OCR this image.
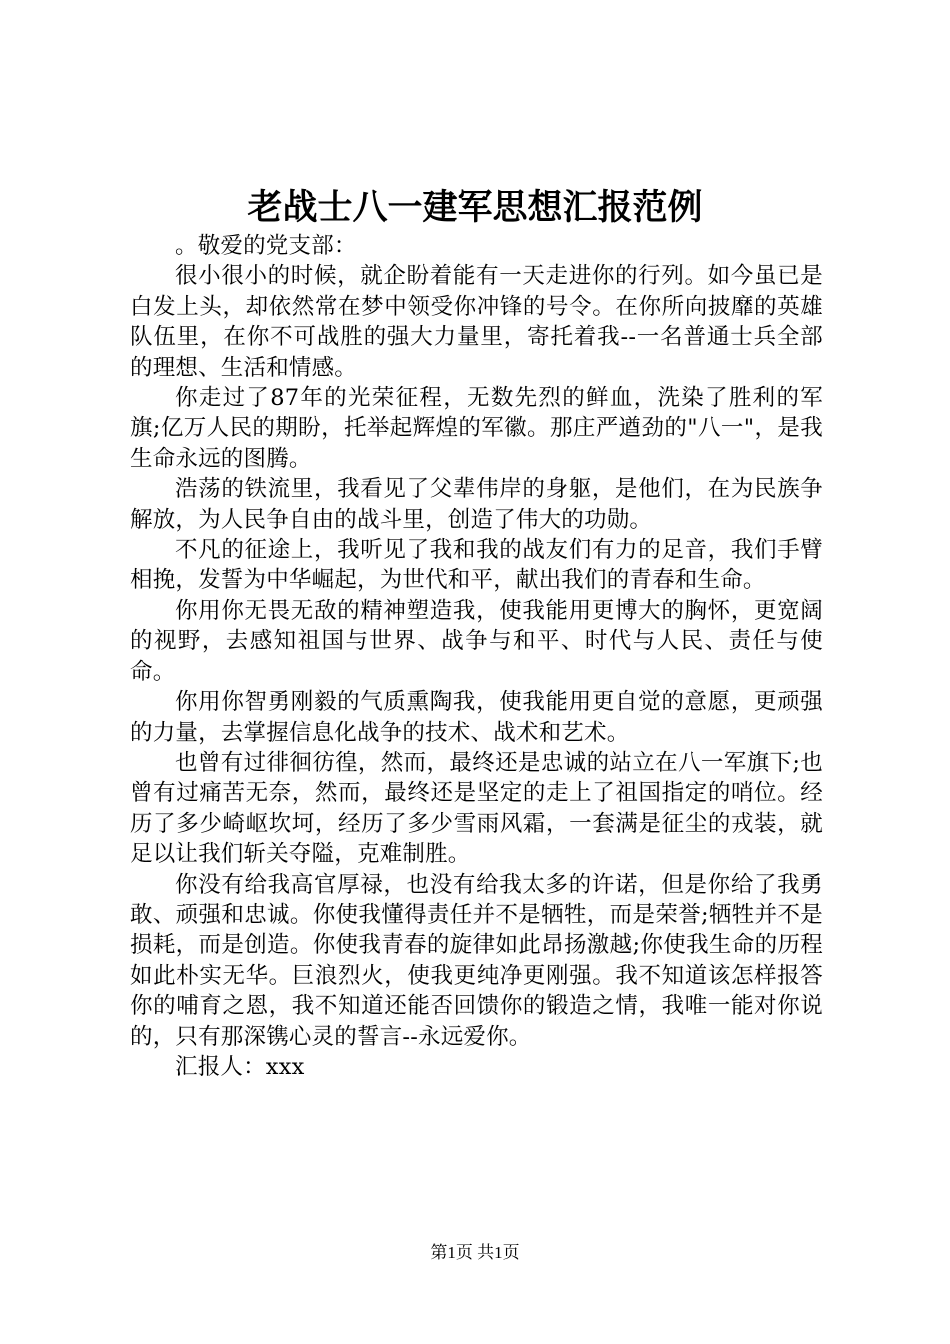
老战士八一建军思想汇报范例

。敬爱的党支部：

很小很小的时候，就企盼着能有一天走进你的行列。如今虽已是白发上头，却依然常在梦中领受你冲锋的号令。在你所向披靡的英雄队伍里，在你不可战胜的强大力量里，寄托着我--一名普通士兵全部的理想、生活和情感。

你走过了87年的光荣征程，无数先烈的鲜血，洗染了胜利的军旗;亿万人民的期盼，托举起辉煌的军徽。那庄严遒劲的"八一"，是我生命永远的图腾。

浩荡的铁流里，我看见了父辈伟岸的身躯，是他们，在为民族争解放，为人民争自由的战斗里，创造了伟大的功勋。

不凡的征途上，我听见了我和我的战友们有力的足音，我们手臂相挽，发誓为中华崛起，为世代和平，献出我们的青春和生命。

你用你无畏无敌的精神塑造我，使我能用更博大的胸怀，更宽阔的视野，去感知祖国与世界、战争与和平、时代与人民、责任与使命。

你用你智勇刚毅的气质熏陶我，使我能用更自觉的意愿，更顽强的力量，去掌握信息化战争的技术、战术和艺术。

也曾有过徘徊彷徨，然而，最终还是忠诚的站立在八一军旗下;也曾有过痛苦无奈，然而，最终还是坚定的走上了祖国指定的哨位。经历了多少崎岖坎坷，经历了多少雪雨风霜，一套满是征尘的戎装，就足以让我们斩关夺隘，克难制胜。

你没有给我高官厚禄，也没有给我太多的许诺，但是你给了我勇敢、顽强和忠诚。你使我懂得责任并不是牺牲，而是荣誉;牺牲并不是损耗，而是创造。你使我青春的旋律如此昂扬激越;你使我生命的历程如此朴实无华。巨浪烈火，使我更纯净更刚强。我不知道该怎样报答你的哺育之恩，我不知道还能否回馈你的锻造之情，我唯一能对你说的，只有那深镌心灵的誓言--永远爱你。

汇报人：xxx

第1页 共1页
